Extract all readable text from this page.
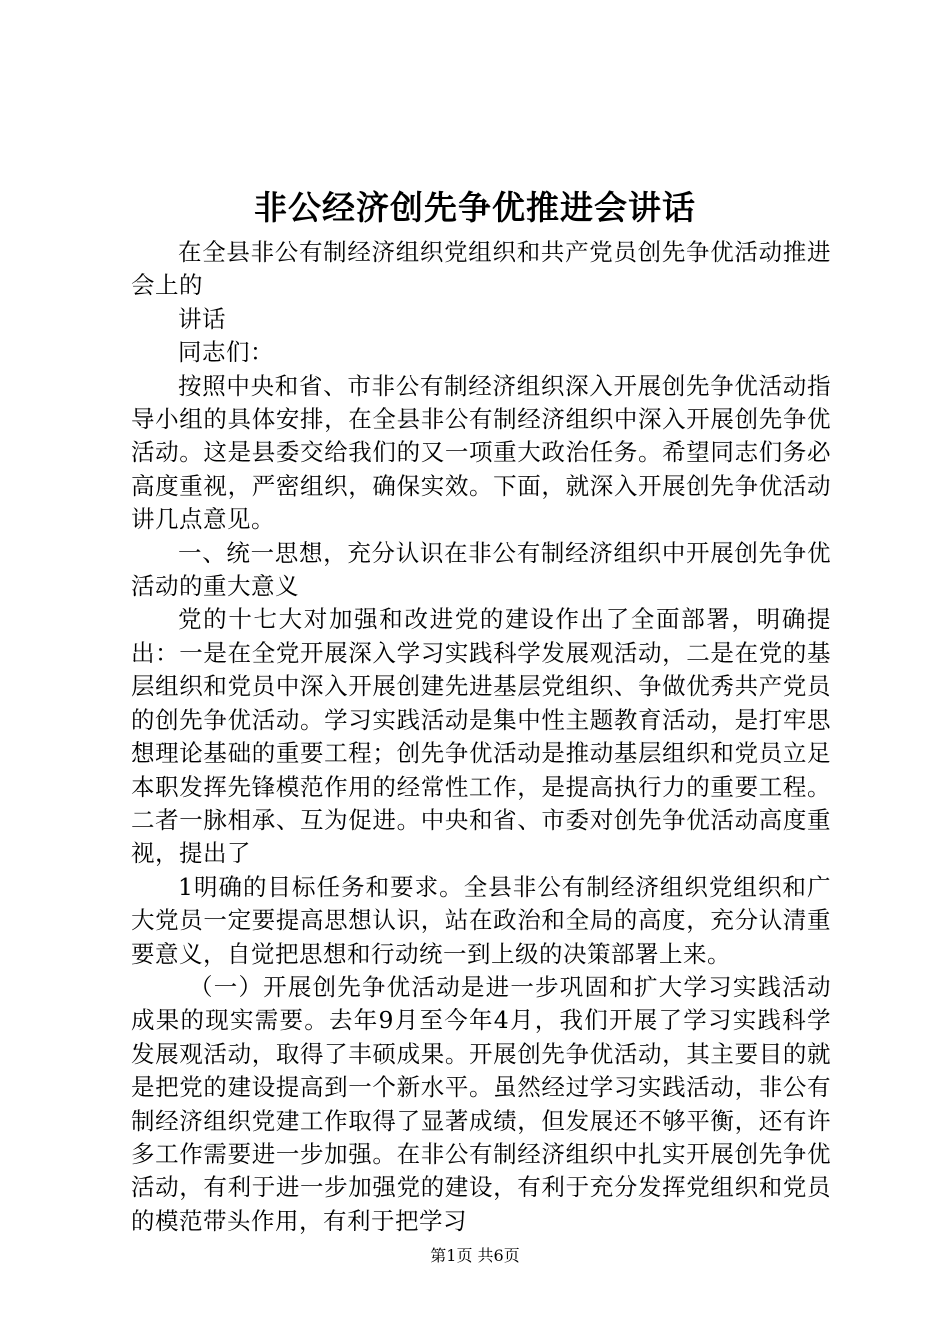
非公经济创先争优推进会讲话

在全县非公有制经济组织党组织和共产党员创先争优活动推进会上的

讲话

同志们：

按照中央和省、市非公有制经济组织深入开展创先争优活动指导小组的具体安排，在全县非公有制经济组织中深入开展创先争优活动。这是县委交给我们的又一项重大政治任务。希望同志们务必高度重视，严密组织，确保实效。下面，就深入开展创先争优活动讲几点意见。

一、统一思想，充分认识在非公有制经济组织中开展创先争优活动的重大意义

党的十七大对加强和改进党的建设作出了全面部署，明确提出：一是在全党开展深入学习实践科学发展观活动，二是在党的基层组织和党员中深入开展创建先进基层党组织、争做优秀共产党员的创先争优活动。学习实践活动是集中性主题教育活动，是打牢思想理论基础的重要工程；创先争优活动是推动基层组织和党员立足本职发挥先锋模范作用的经常性工作，是提高执行力的重要工程。二者一脉相承、互为促进。中央和省、市委对创先争优活动高度重视，提出了

1明确的目标任务和要求。全县非公有制经济组织党组织和广大党员一定要提高思想认识，站在政治和全局的高度，充分认清重要意义，自觉把思想和行动统一到上级的决策部署上来。

（一）开展创先争优活动是进一步巩固和扩大学习实践活动成果的现实需要。去年9月至今年4月，我们开展了学习实践科学发展观活动，取得了丰硕成果。开展创先争优活动，其主要目的就是把党的建设提高到一个新水平。虽然经过学习实践活动，非公有制经济组织党建工作取得了显著成绩，但发展还不够平衡，还有许多工作需要进一步加强。在非公有制经济组织中扎实开展创先争优活动，有利于进一步加强党的建设，有利于充分发挥党组织和党员的模范带头作用，有利于把学习

第1页 共6页
